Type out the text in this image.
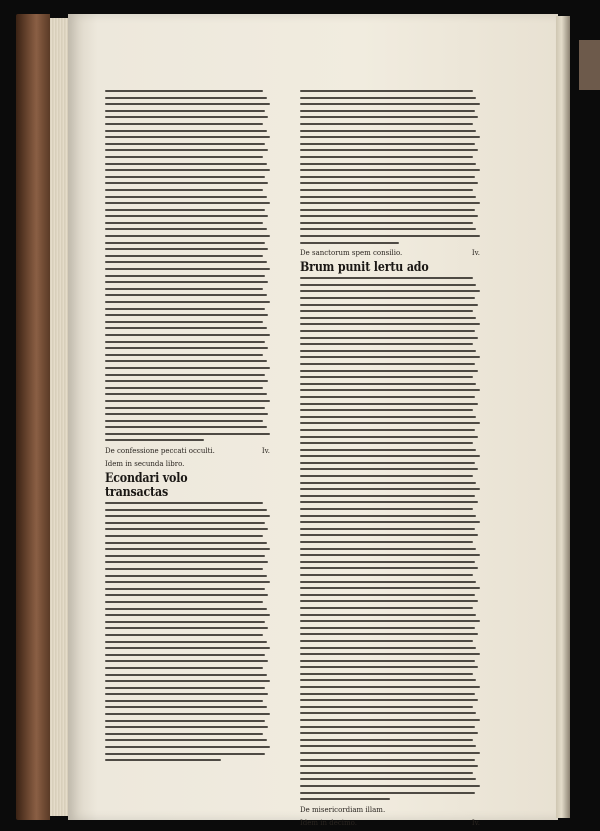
De confessione peccati occulti.	Iv.
Idem in secunda libro.
Econdari volo transactas
De sanctorum spem consilio.	Iv.
Brum punit lertu ado
De misericordiam illam.
Idem in decimo.	Iv.
